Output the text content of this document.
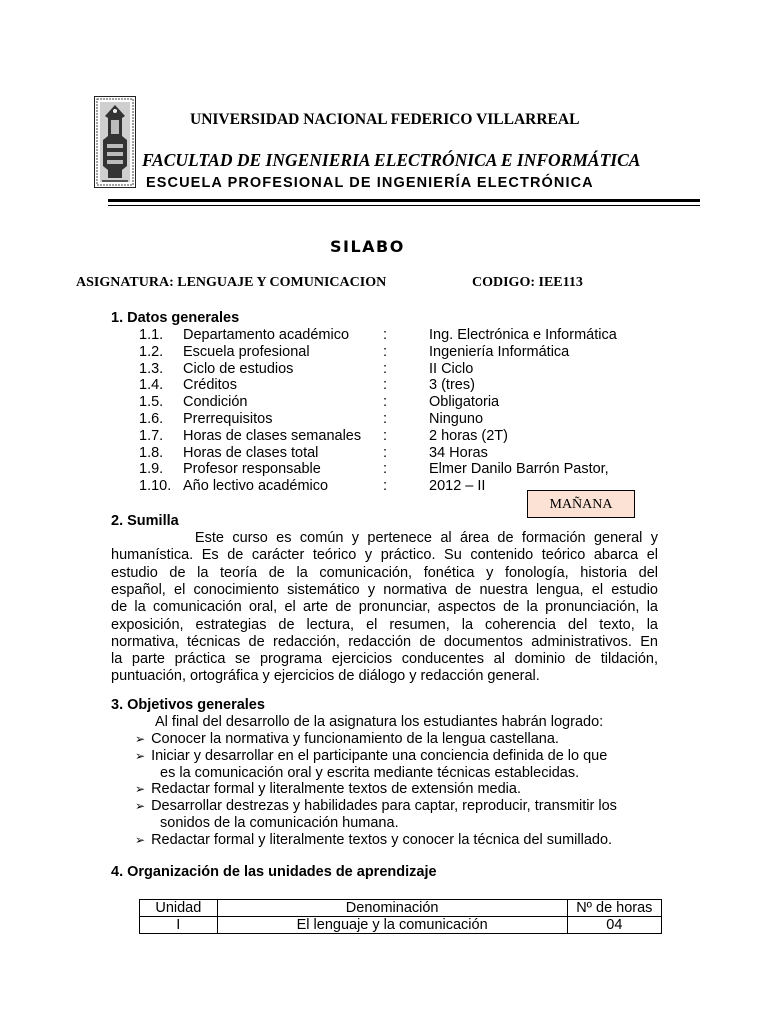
UNIVERSIDAD NACIONAL FEDERICO VILLARREAL
FACULTAD DE INGENIERIA ELECTRÓNICA E INFORMÁTICA
ESCUELA PROFESIONAL DE INGENIERÍA ELECTRÓNICA
SILABO
ASIGNATURA: LENGUAJE Y COMUNICACION	CODIGO: IEE113
1. Datos generales
1.1. Departamento académico :	Ing. Electrónica e Informática
1.2. Escuela profesional	:	Ingeniería Informática
1.3. Ciclo de estudios	:	II Ciclo
1.4. Créditos	:	3 (tres)
1.5. Condición	:	Obligatoria
1.6. Prerrequisitos	:	Ninguno
1.7. Horas de clases semanales :	2 horas (2T)
1.8. Horas de clases total	:	34 Horas
1.9. Profesor responsable	:	Elmer Danilo Barrón Pastor,
1.10. Año lectivo académico	:	2012 – II
MAÑANA
2. Sumilla
Este curso es común y pertenece al área de formación general y
humanística. Es de carácter teórico y práctico. Su contenido teórico abarca el
estudio de la teoría de la comunicación, fonética y fonología, historia del
español, el conocimiento sistemático y normativa de nuestra lengua, el estudio
de la comunicación oral, el arte de pronunciar, aspectos de la pronunciación, la
exposición, estrategias de lectura, el resumen, la coherencia del texto, la
normativa, técnicas de redacción, redacción de documentos administrativos. En
la parte práctica se programa ejercicios conducentes al dominio de tildación,
puntuación, ortográfica y ejercicios de diálogo y redacción general.
3. Objetivos generales
Al final del desarrollo de la asignatura los estudiantes habrán logrado:
➢ Conocer la normativa y funcionamiento de la lengua castellana.
➢ Iniciar y desarrollar en el participante una conciencia definida de lo que
es la comunicación oral y escrita mediante técnicas establecidas.
➢ Redactar formal y literalmente textos de extensión media.
➢ Desarrollar destrezas y habilidades para captar, reproducir, transmitir los
sonidos de la comunicación humana.
➢ Redactar formal y literalmente textos y conocer la técnica del sumillado.
4. Organización de las unidades de aprendizaje
Unidad	Denominación	Nº de horas
I	El lenguaje y la comunicación	04
